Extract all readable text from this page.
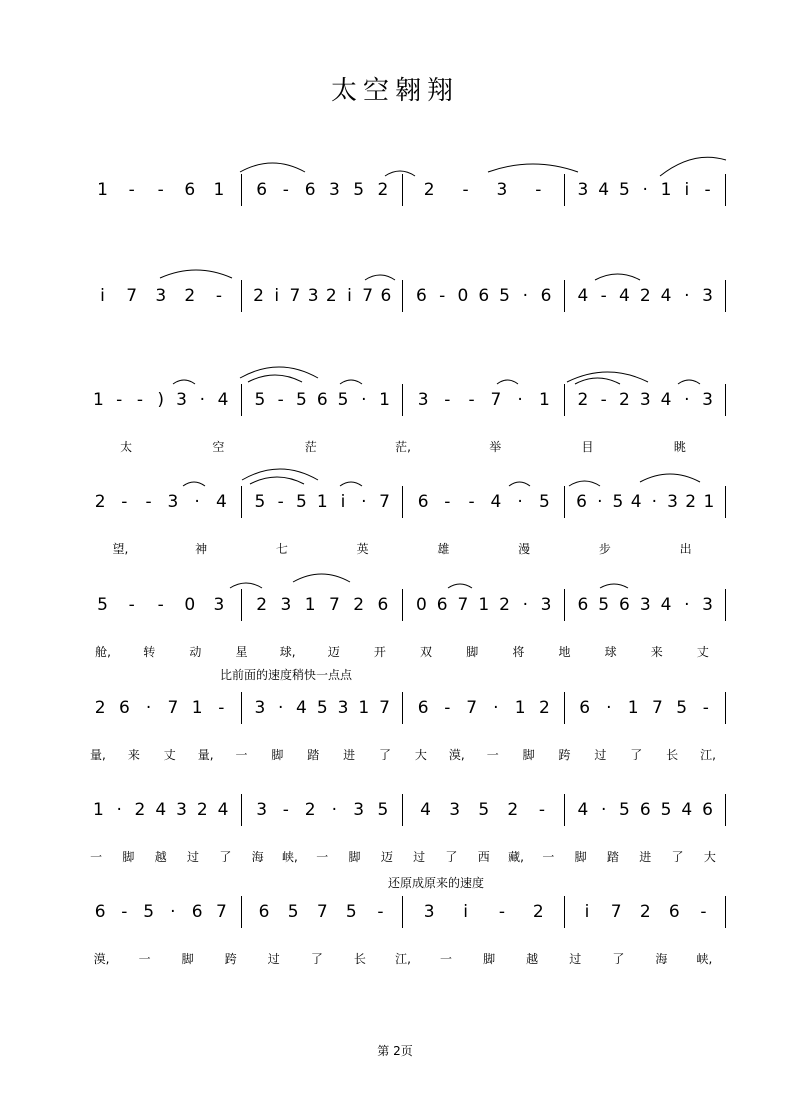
太空翱翔
1	-	-	6	1	6 - 6 3 5 2	2	-	3	-	3 4 5 · 1 i -
i	7	3	2	-	2 i 7 3 2 i 7 6 6 - 0 6 5 · 6 4 - 4 2 4 · 3
1 - - ) 3 · 4 5 - 5 6 5 · 1	3 -	- 7 · 1	2 - 2 3 4 · 3
太	空	茫	茫,	举	目	眺
2 -	- 3 · 4	5 - 5 1 i · 7	6 -	- 4 · 5	6 · 5 4 · 3 2 1
望,	神	七	英	雄	漫	步	出
5	-	-	0	3	2 3 1 7 2 6	0 6 7 1 2 · 3 6 5 6 3 4 · 3
舱,	转	动	星	球,	迈	开	双	脚	将	地	球	来	丈
2 6 · 7 1 -	3 · 4 5 3 1 7	6 - 7 · 1 2	6 · 1 7 5 -
量,	来	丈	量,	一	脚	踏	进	了	大	漠,	一	脚	跨	过	了	长	江,
1 · 2 4 3 2 4	3 - 2 · 3 5	4	3	5	2	-	4 · 5 6 5 4 6
一	脚	越	过	了	海	峡,	一	脚	迈	过	了	西	藏,	一	脚	踏	进	了	大
6 - 5 · 6 7	6	5	7	5	-	3	i	-	2	i	7	2	6	-
漠,	一	脚	跨	过	了	长	江,	一	脚	越	过	了	海	峡,
比前面的速度稍快一点点
还原成原来的速度
第 2页
